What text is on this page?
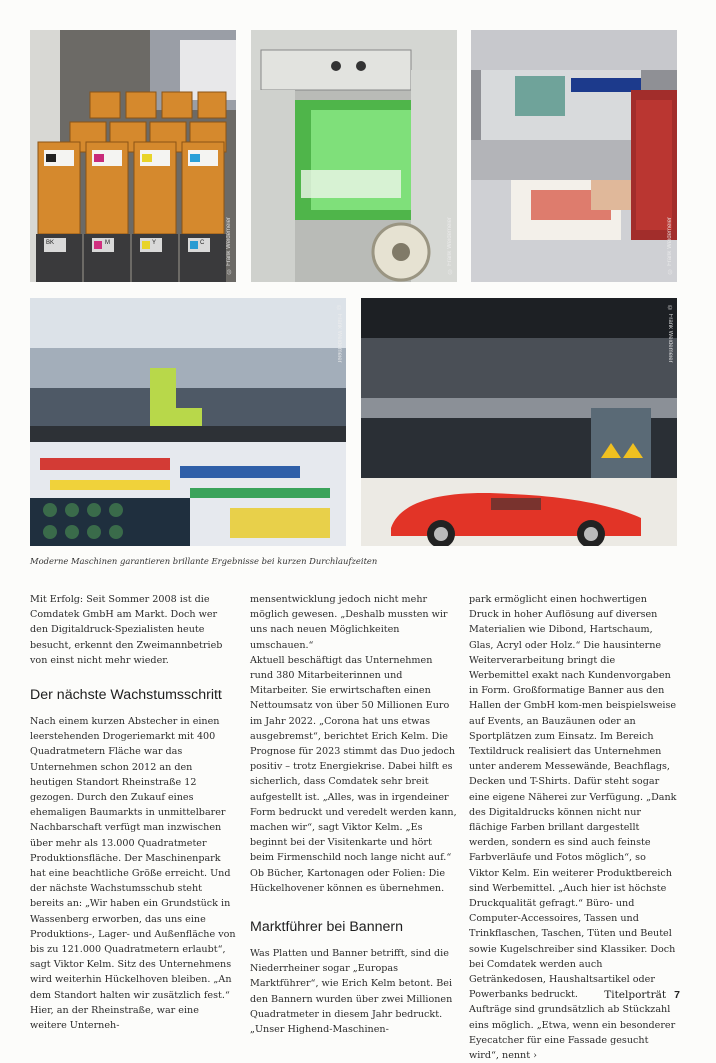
BK	M	Y	C	© Frank Weidemeier	© Frank Weidemeier	© Frank Weidemeier
© Frank Weidemeier	© Frank Weidemeier
Moderne Maschinen garantieren brillante Ergebnisse bei kurzen Durchlaufzeiten

Mit Erfolg: Seit Sommer 2008 ist die Comdatek GmbH am Markt. Doch wer den Digitaldruck-Spezialisten heute besucht, erkennt den Zweimannbetrieb von einst nicht mehr wieder.

Der nächste Wachstumsschritt

Nach einem kurzen Abstecher in einen leerstehenden Drogeriemarkt mit 400 Quadratmetern Fläche war das Unternehmen schon 2012 an den heutigen Standort Rheinstraße 12 gezogen. Durch den Zukauf eines ehemaligen Baumarkts in unmittelbarer Nachbarschaft verfügt man inzwischen über mehr als 13.000 Quadratmeter Produktionsfläche. Der Maschinenpark hat eine beachtliche Größe erreicht. Und der nächste Wachstumsschub steht bereits an: „Wir haben ein Grundstück in Wassenberg erworben, das uns eine Produktions-, Lager- und Außenfläche von bis zu 121.000 Quadratmetern erlaubt“, sagt Viktor Kelm. Sitz des Unternehmens wird weiterhin Hückelhoven bleiben. „An dem Standort halten wir zusätzlich fest.“ Hier, an der Rheinstraße, war eine weitere Unterneh-

mensentwicklung jedoch nicht mehr möglich gewesen. „Deshalb mussten wir uns nach neuen Möglichkeiten umschauen.“

Aktuell beschäftigt das Unternehmen rund 380 Mitarbeiterinnen und Mitarbeiter. Sie erwirtschaften einen Nettoumsatz von über 50 Millionen Euro im Jahr 2022. „Corona hat uns etwas ausgebremst“, berichtet Erich Kelm. Die Prognose für 2023 stimmt das Duo jedoch positiv – trotz Energiekrise. Dabei hilft es sicherlich, dass Comdatek sehr breit aufgestellt ist. „Alles, was in irgendeiner Form bedruckt und veredelt werden kann, machen wir“, sagt Viktor Kelm. „Es beginnt bei der Visitenkarte und hört beim Firmenschild noch lange nicht auf.“ Ob Bücher, Kartonagen oder Folien: Die Hückelhovener können es übernehmen.

Marktführer bei Bannern

Was Platten und Banner betrifft, sind die Niederrheiner sogar „Europas Marktführer“, wie Erich Kelm betont. Bei den Bannern wurden über zwei Millionen Quadratmeter in diesem Jahr bedruckt. „Unser Highend-Maschinen-

park ermöglicht einen hochwertigen Druck in hoher Auflösung auf diversen Materialien wie Dibond, Hartschaum, Glas, Acryl oder Holz.“ Die hausinterne Weiterverarbeitung bringt die Werbemittel exakt nach Kundenvorgaben in Form. Großformatige Banner aus den Hallen der GmbH kom-men beispielsweise auf Events, an Bauzäunen oder an Sportplätzen zum Einsatz. Im Bereich Textildruck realisiert das Unternehmen unter anderem Messewände, Beachflags, Decken und T-Shirts. Dafür steht sogar eine eigene Näherei zur Verfügung. „Dank des Digitaldrucks können nicht nur flächige Farben brillant dargestellt werden, sondern es sind auch feinste Farbverläufe und Fotos möglich“, so Viktor Kelm. Ein weiterer Produktbereich sind Werbemittel. „Auch hier ist höchste Druckqualität gefragt.“ Büro- und Computer-Accessoires, Tassen und Trinkflaschen, Taschen, Tüten und Beutel sowie Kugelschreiber sind Klassiker. Doch bei Comdatek werden auch Getränkedosen, Haushaltsartikel oder Powerbanks bedruckt.

Aufträge sind grundsätzlich ab Stückzahl eins möglich. „Etwa, wenn ein besonderer Eyecatcher für eine Fassade gesucht wird“, nennt ›

Titelporträt 7
